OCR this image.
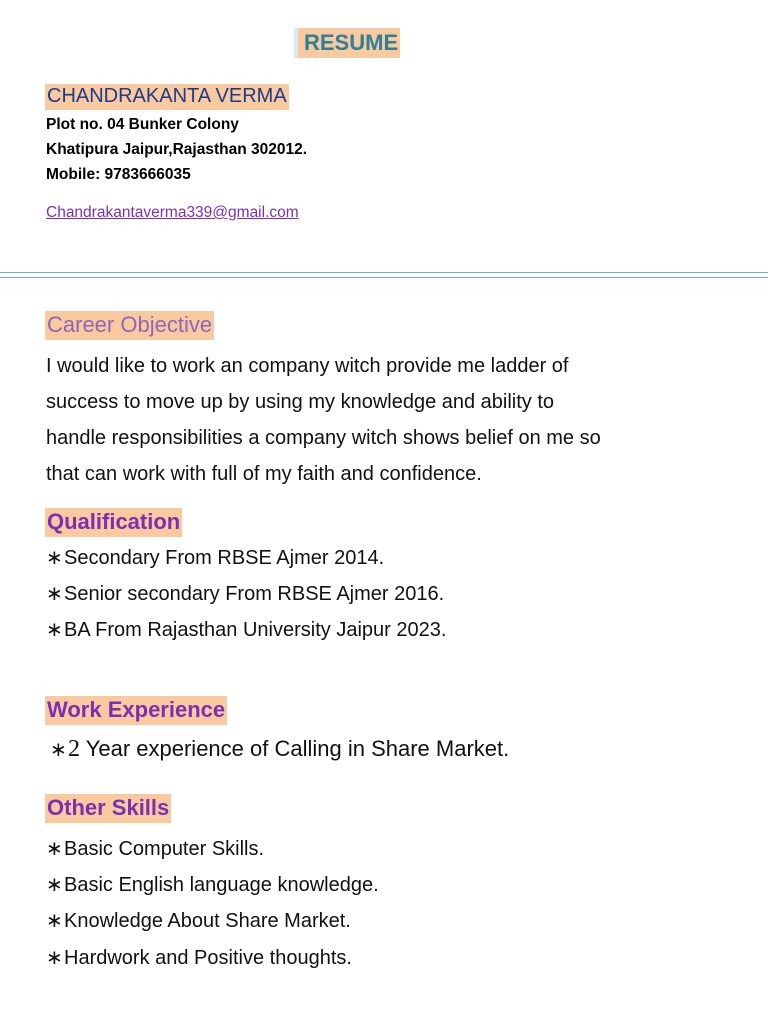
RESUME
CHANDRAKANTA VERMA
Plot no. 04 Bunker Colony
Khatipura Jaipur,Rajasthan 302012.
Mobile: 9783666035
Chandrakantaverma339@gmail.com
Career Objective
I would like to work an company witch provide me ladder of
success to move up by using my knowledge and ability to
handle responsibilities a company witch shows belief on me so
that can work with full of my faith and confidence.
Qualification
∗Secondary From RBSE Ajmer 2014.
∗Senior secondary From RBSE Ajmer 2016.
∗BA From Rajasthan University Jaipur 2023.
Work Experience
∗2 Year experience of Calling in Share Market.
Other Skills
∗Basic Computer Skills.
∗Basic English language knowledge.
∗Knowledge About Share Market.
∗Hardwork and Positive thoughts.
